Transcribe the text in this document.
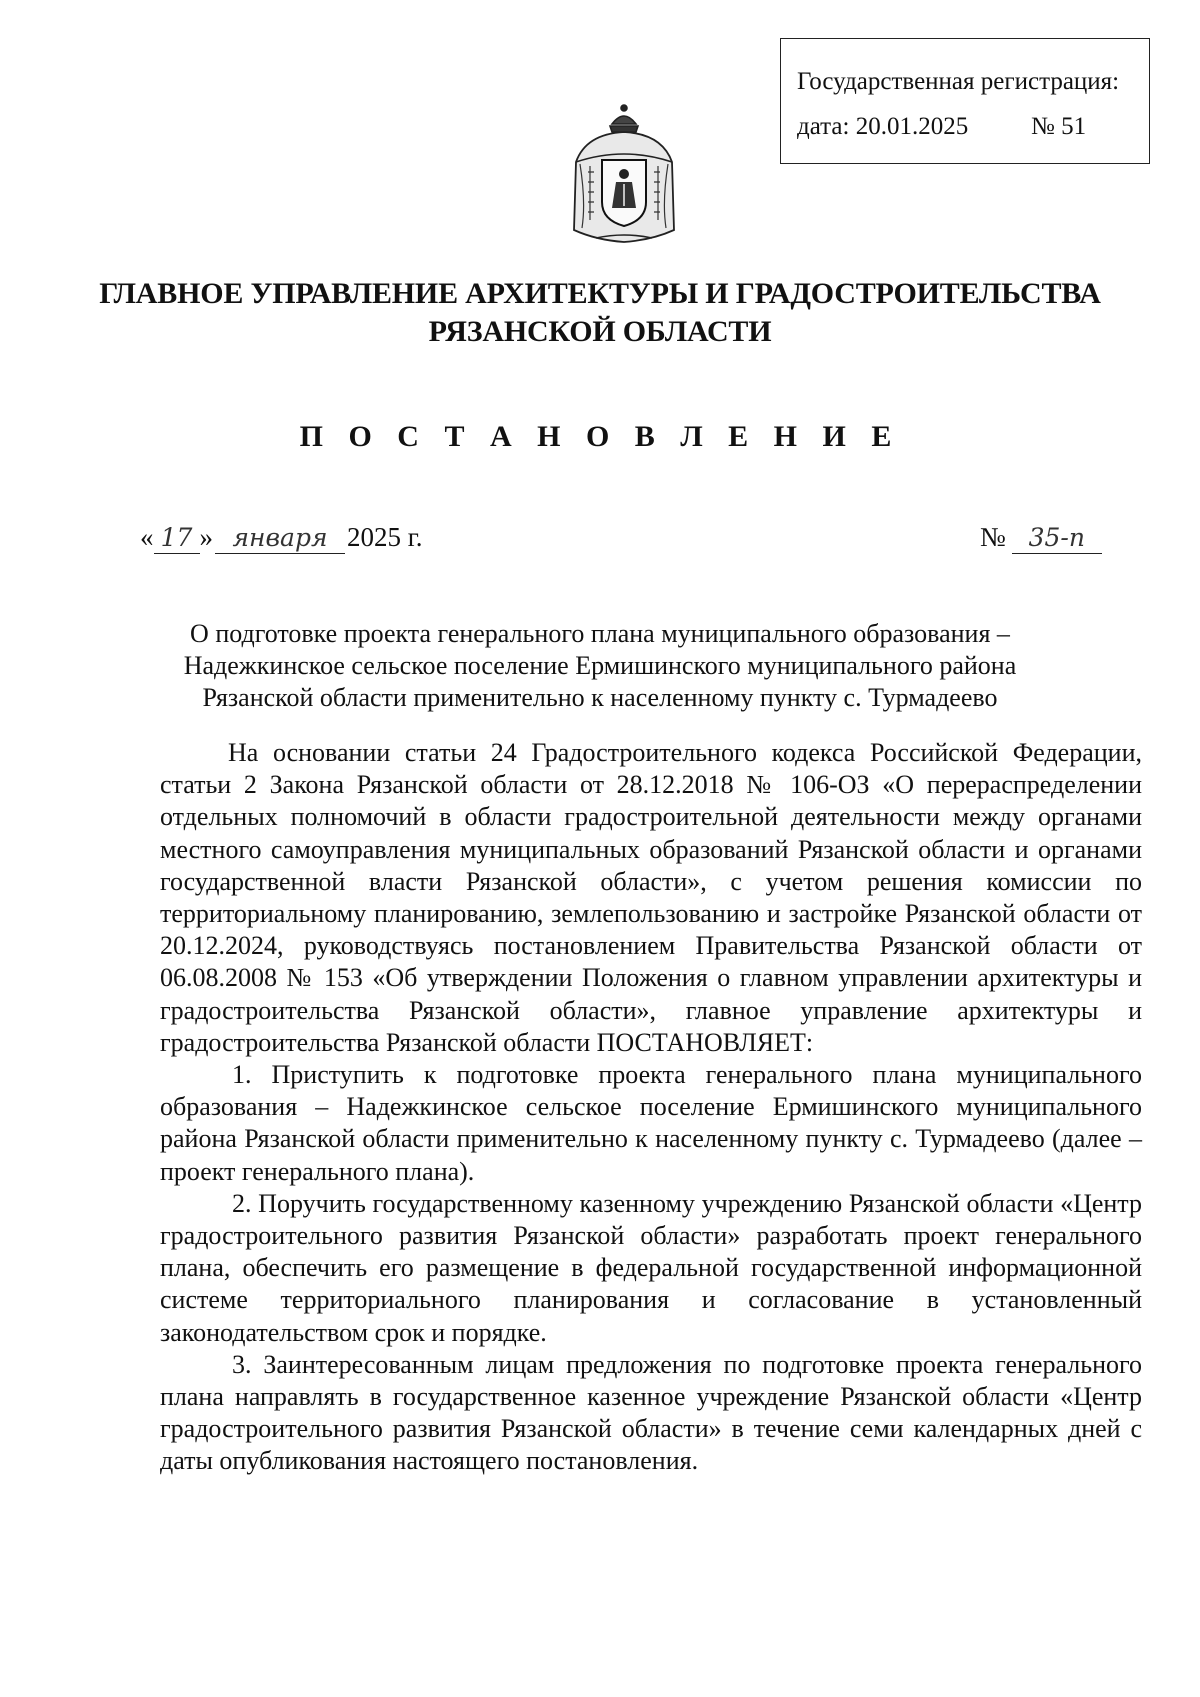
Государственная регистрация:
дата: 20.01.2025	№ 51
ГЛАВНОЕ УПРАВЛЕНИЕ АРХИТЕКТУРЫ И ГРАДОСТРОИТЕЛЬСТВА
РЯЗАНСКОЙ ОБЛАСТИ
П О С Т А Н О В Л Е Н И Е
« 17 » января 2025 г.	№ 35-п
О подготовке проекта генерального плана муниципального образования –
Надежкинское сельское поселение Ермишинского муниципального района
Рязанской области применительно к населенному пункту с. Турмадеево

На основании статьи 24 Градостроительного кодекса Российской Федерации, статьи 2 Закона Рязанской области от 28.12.2018 № 106-ОЗ «О перераспределении отдельных полномочий в области градостроительной деятельности между органами местного самоуправления муниципальных образований Рязанской области и органами государственной власти Рязанской области», с учетом решения комиссии по территориальному планированию, землепользованию и застройке Рязанской области от 20.12.2024, руководствуясь постановлением Правительства Рязанской области от 06.08.2008 № 153 «Об утверждении Положения о главном управлении архитектуры и градостроительства Рязанской области», главное управление архитектуры и градостроительства Рязанской области ПОСТАНОВЛЯЕТ:

1. Приступить к подготовке проекта генерального плана муниципального образования – Надежкинское сельское поселение Ермишинского муниципального района Рязанской области применительно к населенному пункту с. Турмадеево (далее – проект генерального плана).

2. Поручить государственному казенному учреждению Рязанской области «Центр градостроительного развития Рязанской области» разработать проект генерального плана, обеспечить его размещение в федеральной государственной информационной системе территориального планирования и согласование в установленный законодательством срок и порядке.

3. Заинтересованным лицам предложения по подготовке проекта генерального плана направлять в государственное казенное учреждение Рязанской области «Центр градостроительного развития Рязанской области» в течение семи календарных дней с даты опубликования настоящего постановления.
